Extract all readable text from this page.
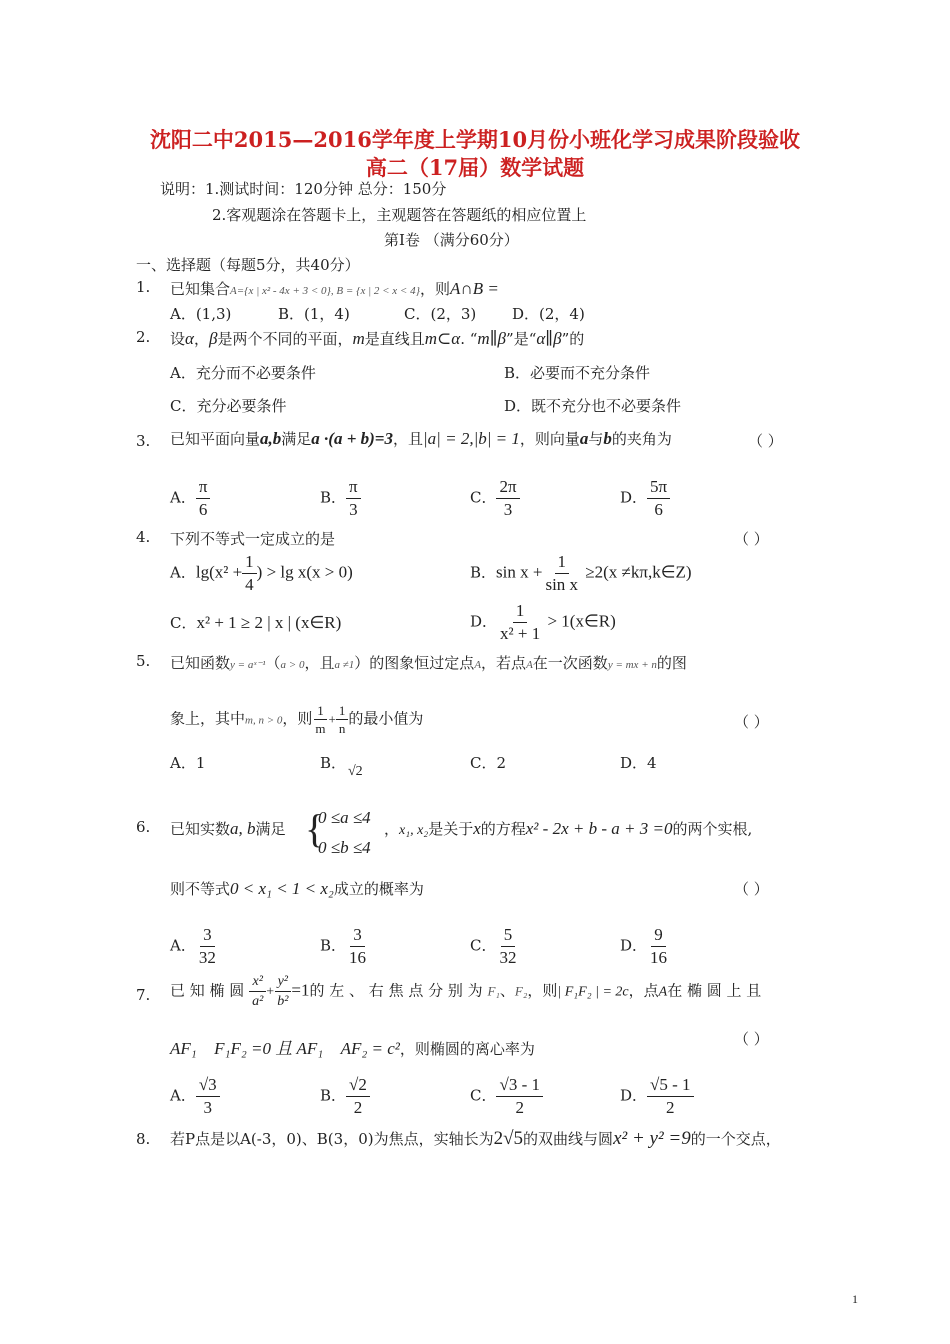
沈阳二中2015—2016学年度上学期10月份小班化学习成果阶段验收
高二（17届）数学试题
说明：1.测试时间：120分钟 总分：150分
2.客观题涂在答题卡上，主观题答在答题纸的相应位置上
第Ⅰ卷 （满分60分）
一、选择题（每题5分，共40分）
1. 已知集合A={x | x² - 4x + 3 < 0}, B = {x | 2 < x < 4}，则A∩B =
A．(1,3)	B．(1，4)	C．(2，3) D．(2，4)
2. 设α，β是两个不同的平面，m是直线且m⊂α. “m∥β”是“α∥β”的
A．充分而不必要条件	B．必要而不充分条件
C．充分必要条件	D．既不充分也不必要条件
3. 已知平面向量a,b满足a ·(a + b)=3，且|a| = 2,|b| = 1，则向量a与b的夹角为	（ ）
A． $\frac{\pi}{6}$	B． $\frac{\pi}{3}$	C． $\frac{2\pi}{3}$	D． $\frac{5\pi}{6}$
4. 下列不等式一定成立的是	（ ）
A．$\lg(x^2 + \frac{1}{4}$ ) > lg x(x > 0)	B．$\sin x + \frac{1}{\text{sin x}} \ge 2(x$ ≠kπ,k∈Z)
C．x² + 1 ≥ 2 | x | (x∈R)	D． $\frac{1}{\text{x² + 1}}$ > 1(x∈R)
5. 已知函数y = aˣ⁻¹（a > 0，且a ≠1）的图象恒过定点A，若点A在一次函数y = mx + n的图
象上，其中m, n > 0，则 $\frac{1}{m} + \frac{1}{n}$ 的最小值为	（ ）
A．1	B． √2	C．2	D．4
6. 已知实数a, b满足 {
0 ≤a ≤4
0 ≤b ≤4
，x₁, x₂是关于x的方程x² - 2x + b - a + 3 =0的两个实根,
则不等式0 < x₁ < 1 < x₂成立的概率为	（ ）
A． $\frac{3}{32}$	B． $\frac{3}{16}$	C． $\frac{5}{32}$	D． $\frac{9}{16}$
7. 已 知 椭 圆 $\frac{\text{x²}}{\text{a²}} + \frac{\text{y²}}{\text{b²}} =1$的 左 、 右 焦 点 分 别 为 F₁、F₂，则| F₁F₂ | = 2c，点A在 椭 圆 上 且
AF₁ ⃞F₁F₂ =0 且 AF₁ ⃞AF₂ = c²，则椭圆的离心率为
（ ）
A． $\frac{√3}{3}$	B． $\frac{√2}{2}$	C． $\frac{√3 - 1}{2}$	D． $\frac{√5 - 1}{2}$
8. 若P点是以A(-3，0)、B(3，0)为焦点，实轴长为2√5的双曲线与圆x² + y² =9的一个交点，
1
